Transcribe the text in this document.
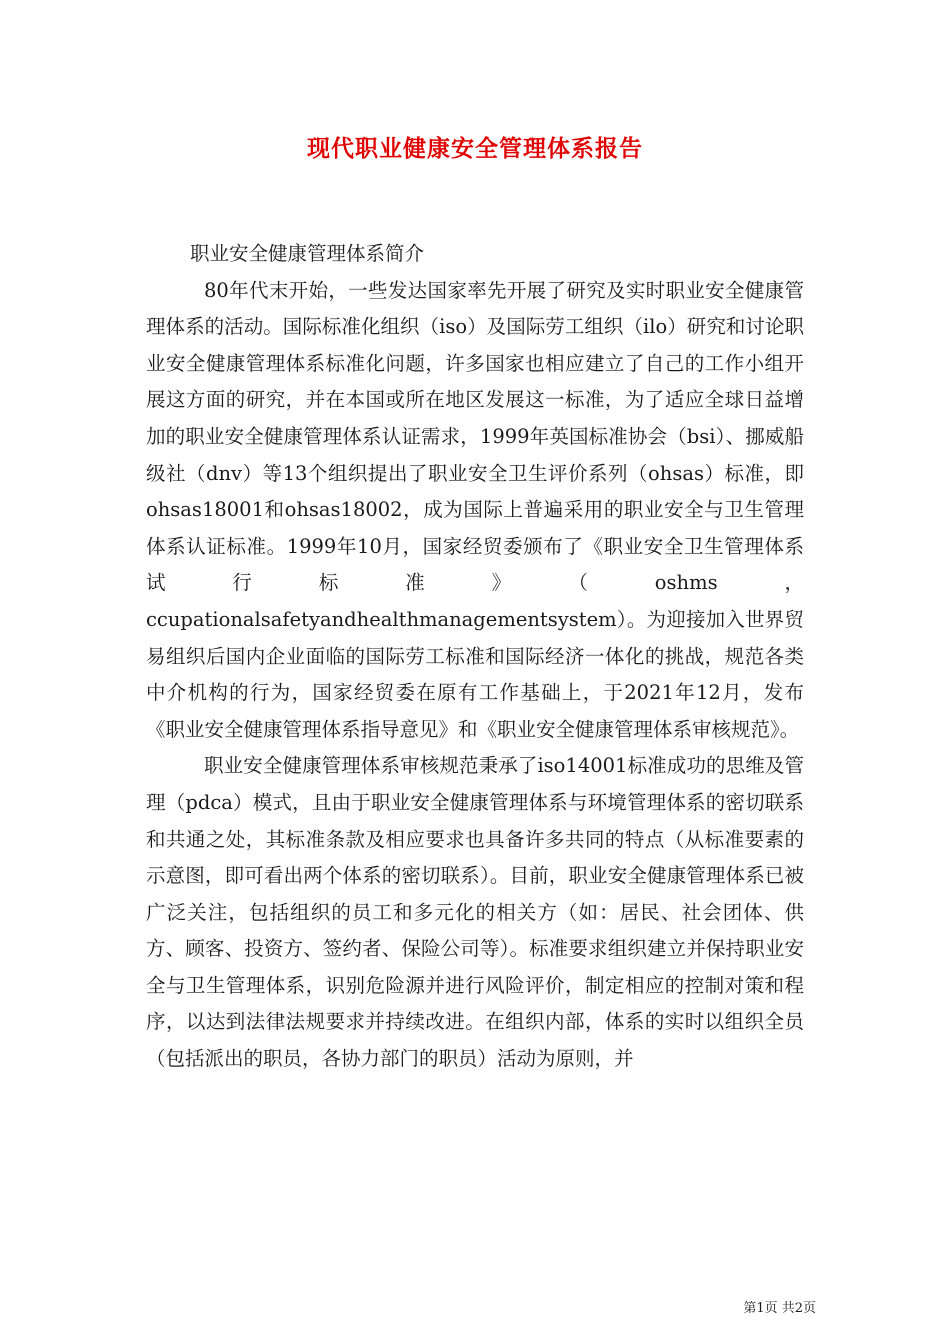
现代职业健康安全管理体系报告

职业安全健康管理体系简介

80年代末开始，一些发达国家率先开展了研究及实时职业安全健康管理体系的活动。国际标准化组织（iso）及国际劳工组织（ilo）研究和讨论职业安全健康管理体系标准化问题，许多国家也相应建立了自己的工作小组开展这方面的研究，并在本国或所在地区发展这一标准，为了适应全球日益增加的职业安全健康管理体系认证需求，1999年英国标准协会（bsi）、挪威船级社（dnv）等13个组织提出了职业安全卫生评价系列（ohsas）标准，即ohsas18001和ohsas18002，成为国际上普遍采用的职业安全与卫生管理体系认证标准。1999年10月，国家经贸委颁布了《职业安全卫生管理体系试行标准》（oshms，ccupationalsafetyandhealthmanagementsystem）。为迎接加入世界贸易组织后国内企业面临的国际劳工标准和国际经济一体化的挑战，规范各类中介机构的行为，国家经贸委在原有工作基础上，于2021年12月，发布《职业安全健康管理体系指导意见》和《职业安全健康管理体系审核规范》。

职业安全健康管理体系审核规范秉承了iso14001标准成功的思维及管理（pdca）模式，且由于职业安全健康管理体系与环境管理体系的密切联系和共通之处，其标准条款及相应要求也具备许多共同的特点（从标准要素的示意图，即可看出两个体系的密切联系）。目前，职业安全健康管理体系已被广泛关注，包括组织的员工和多元化的相关方（如：居民、社会团体、供方、顾客、投资方、签约者、保险公司等）。标准要求组织建立并保持职业安全与卫生管理体系，识别危险源并进行风险评价，制定相应的控制对策和程序，以达到法律法规要求并持续改进。在组织内部，体系的实时以组织全员（包括派出的职员，各协力部门的职员）活动为原则，并

第1页 共2页
